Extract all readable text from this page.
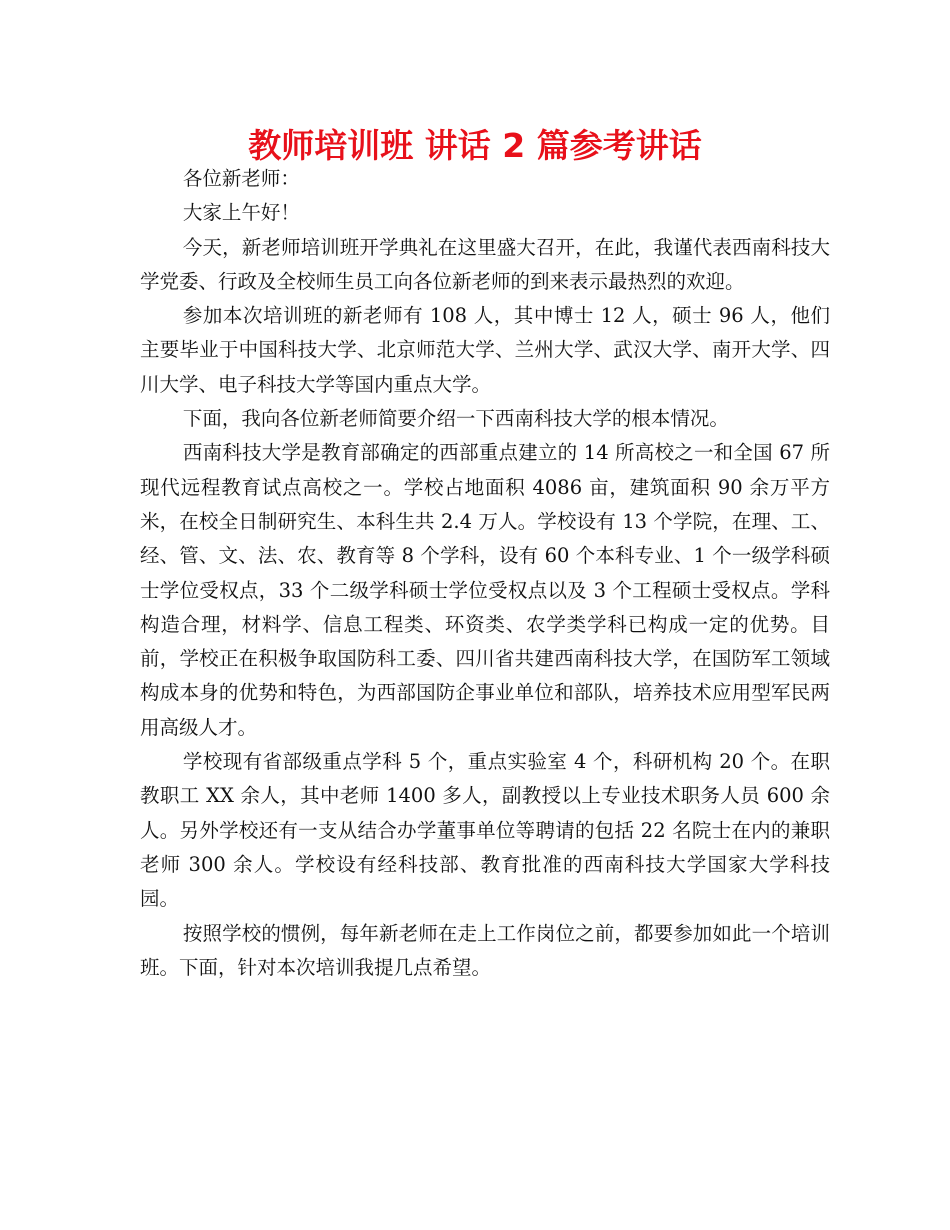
教师培训班 讲话 2 篇参考讲话

各位新老师：

大家上午好！

今天，新老师培训班开学典礼在这里盛大召开，在此，我谨代表西南科技大学党委、行政及全校师生员工向各位新老师的到来表示最热烈的欢迎。

参加本次培训班的新老师有 108 人，其中博士 12 人，硕士 96 人，他们主要毕业于中国科技大学、北京师范大学、兰州大学、武汉大学、南开大学、四川大学、电子科技大学等国内重点大学。

下面，我向各位新老师简要介绍一下西南科技大学的根本情况。

西南科技大学是教育部确定的西部重点建立的 14 所高校之一和全国 67 所现代远程教育试点高校之一。学校占地面积 4086 亩，建筑面积 90 余万平方米，在校全日制研究生、本科生共 2.4 万人。学校设有 13 个学院，在理、工、经、管、文、法、农、教育等 8 个学科，设有 60 个本科专业、1 个一级学科硕士学位受权点，33 个二级学科硕士学位受权点以及 3 个工程硕士受权点。学科构造合理，材料学、信息工程类、环资类、农学类学科已构成一定的优势。目前，学校正在积极争取国防科工委、四川省共建西南科技大学，在国防军工领域构成本身的优势和特色，为西部国防企事业单位和部队，培养技术应用型军民两用高级人才。

学校现有省部级重点学科 5 个，重点实验室 4 个，科研机构 20 个。在职教职工 XX 余人，其中老师 1400 多人，副教授以上专业技术职务人员 600 余人。另外学校还有一支从结合办学董事单位等聘请的包括 22 名院士在内的兼职老师 300 余人。学校设有经科技部、教育批准的西南科技大学国家大学科技园。

按照学校的惯例，每年新老师在走上工作岗位之前，都要参加如此一个培训班。下面，针对本次培训我提几点希望。
